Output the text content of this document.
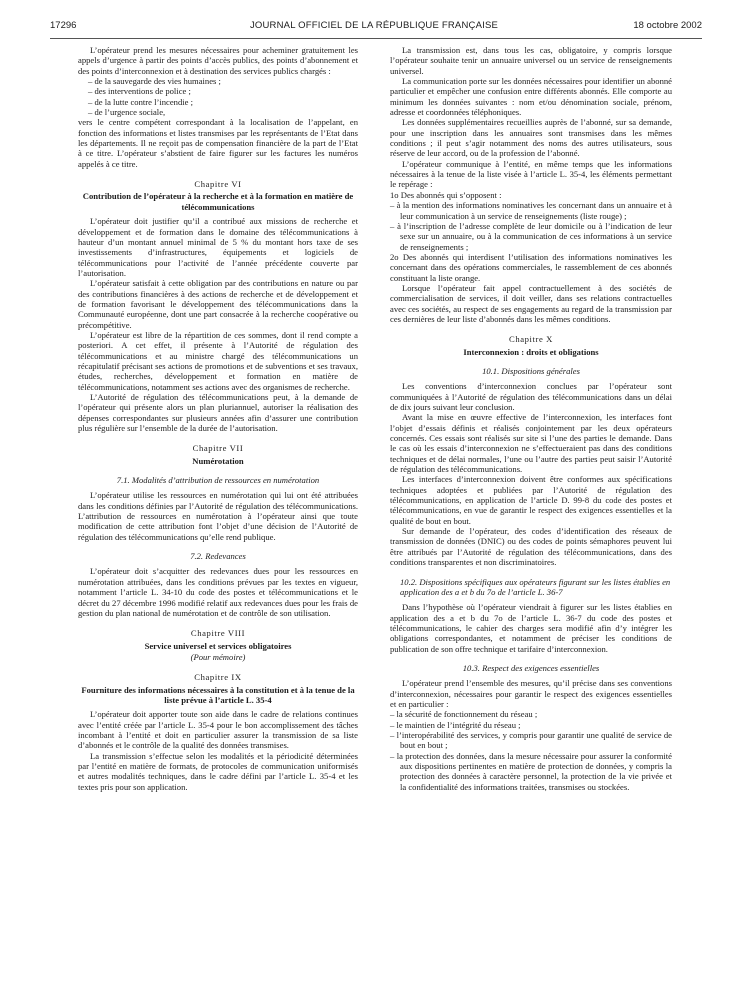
17296	JOURNAL OFFICIEL DE LA RÉPUBLIQUE FRANÇAISE	18 octobre 2002

L’opérateur prend les mesures nécessaires pour acheminer gratuitement les appels d’urgence à partir des points d’accès publics, des points d’abonnement et des points d’interconnexion et à destination des services publics chargés :

– de la sauvegarde des vies humaines ;
– des interventions de police ;
– de la lutte contre l’incendie ;
– de l’urgence sociale,

vers le centre compétent correspondant à la localisation de l’appelant, en fonction des informations et listes transmises par les représentants de l’Etat dans les départements. Il ne reçoit pas de compensation financière de la part de l’Etat à ce titre. L’opérateur s’abstient de faire figurer sur les factures les numéros appelés à ce titre.

Chapitre VI
Contribution de l’opérateur à la recherche et à la formation en matière de télécommunications

L’opérateur doit justifier qu’il a contribué aux missions de recherche et développement et de formation dans le domaine des télécommunications à hauteur d’un montant annuel minimal de 5 % du montant hors taxe de ses investissements d’infrastructures, équipements et logiciels de télécommunications pour l’activité de l’année précédente couverte par l’autorisation.

L’opérateur satisfait à cette obligation par des contributions en nature ou par des contributions financières à des actions de recherche et de développement et de formation favorisant le développement des télécommunications dans la Communauté européenne, dont une part consacrée à la recherche coopérative ou précompétitive.

L’opérateur est libre de la répartition de ces sommes, dont il rend compte a posteriori. A cet effet, il présente à l’Autorité de régulation des télécommunications et au ministre chargé des télécommunications un récapitulatif précisant ses actions de promotions et de subventions et ses travaux, études, recherches, développement et formation en matière de télécommunications, notamment ses actions avec des organismes de recherche.

L’Autorité de régulation des télécommunications peut, à la demande de l’opérateur qui présente alors un plan pluriannuel, autoriser la réalisation des dépenses correspondantes sur plusieurs années afin d’assurer une contribution plus régulière sur l’ensemble de la durée de l’autorisation.

Chapitre VII
Numérotation
7.1. Modalités d’attribution de ressources en numérotation

L’opérateur utilise les ressources en numérotation qui lui ont été attribuées dans les conditions définies par l’Autorité de régulation des télécommunications. L’attribution de ressources en numérotation à l’opérateur ainsi que toute modification de cette attribution font l’objet d’une décision de l’Autorité de régulation des télécommunications qu’elle rend publique.

7.2. Redevances

L’opérateur doit s’acquitter des redevances dues pour les ressources en numérotation attribuées, dans les conditions prévues par les textes en vigueur, notamment l’article L. 34-10 du code des postes et télécommunications et le décret du 27 décembre 1996 modifié relatif aux redevances dues pour les frais de gestion du plan national de numérotation et de contrôle de son utilisation.

Chapitre VIII
Service universel et services obligatoires
(Pour mémoire)
Chapitre IX
Fourniture des informations nécessaires à la constitution et à la tenue de la liste prévue à l’article L. 35-4

L’opérateur doit apporter toute son aide dans le cadre de relations continues avec l’entité créée par l’article L. 35-4 pour le bon accomplissement des tâches incombant à l’entité et doit en particulier assurer la transmission de sa liste d’abonnés et le contrôle de la qualité des données transmises.

La transmission s’effectue selon les modalités et la périodicité déterminées par l’entité en matière de formats, de protocoles de communication uniformisés et autres modalités techniques, dans le cadre défini par l’article L. 35-4 et les textes pris pour son application.

La transmission est, dans tous les cas, obligatoire, y compris lorsque l’opérateur souhaite tenir un annuaire universel ou un service de renseignements universel.

La communication porte sur les données nécessaires pour identifier un abonné particulier et empêcher une confusion entre différents abonnés. Elle comporte au minimum les données suivantes : nom et/ou dénomination sociale, prénom, adresse et coordonnées téléphoniques.

Les données supplémentaires recueillies auprès de l’abonné, sur sa demande, pour une inscription dans les annuaires sont transmises dans les mêmes conditions ; il peut s’agir notamment des noms des autres utilisateurs, sous réserve de leur accord, ou de la profession de l’abonné.

L’opérateur communique à l’entité, en même temps que les informations nécessaires à la tenue de la liste visée à l’article L. 35-4, les éléments permettant le repérage :

1o Des abonnés qui s’opposent :

– à la mention des informations nominatives les concernant dans un annuaire et à leur communication à un service de renseignements (liste rouge) ;
– à l’inscription de l’adresse complète de leur domicile ou à l’indication de leur sexe sur un annuaire, ou à la communication de ces informations à un service de renseignements ;

2o Des abonnés qui interdisent l’utilisation des informations nominatives les concernant dans des opérations commerciales, le rassemblement de ces abonnés constituant la liste orange.

Lorsque l’opérateur fait appel contractuellement à des sociétés de commercialisation de services, il doit veiller, dans ses relations contractuelles avec ces sociétés, au respect de ses engagements au regard de la transmission par ces dernières de leur liste d’abonnés dans les mêmes conditions.

Chapitre X
Interconnexion : droits et obligations
10.1. Dispositions générales

Les conventions d’interconnexion conclues par l’opérateur sont communiquées à l’Autorité de régulation des télécommunications dans un délai de dix jours suivant leur conclusion.

Avant la mise en œuvre effective de l’interconnexion, les interfaces font l’objet d’essais définis et réalisés conjointement par les deux opérateurs concernés. Ces essais sont réalisés sur site si l’une des parties le demande. Dans le cas où les essais d’interconnexion ne s’effectueraient pas dans des conditions techniques et de délai normales, l’une ou l’autre des parties peut saisir l’Autorité de régulation des télécommunications.

Les interfaces d’interconnexion doivent être conformes aux spécifications techniques adoptées et publiées par l’Autorité de régulation des télécommunications, en application de l’article D. 99-8 du code des postes et télécommunications, en vue de garantir le respect des exigences essentielles et la qualité de bout en bout.

Sur demande de l’opérateur, des codes d’identification des réseaux de transmission de données (DNIC) ou des codes de points sémaphores peuvent lui être attribués par l’Autorité de régulation des télécommunications, dans des conditions transparentes et non discriminatoires.

10.2. Dispositions spécifiques aux opérateurs figurant sur les listes établies en application des a et b du 7o de l’article L. 36-7

Dans l’hypothèse où l’opérateur viendrait à figurer sur les listes établies en application des a et b du 7o de l’article L. 36-7 du code des postes et télécommunications, le cahier des charges sera modifié afin d’y intégrer les obligations correspondantes, et notamment de préciser les conditions de publication de son offre technique et tarifaire d’interconnexion.

10.3. Respect des exigences essentielles

L’opérateur prend l’ensemble des mesures, qu’il précise dans ses conventions d’interconnexion, nécessaires pour garantir le respect des exigences essentielles et en particulier :

– la sécurité de fonctionnement du réseau ;
– le maintien de l’intégrité du réseau ;
– l’interopérabilité des services, y compris pour garantir une qualité de service de bout en bout ;
– la protection des données, dans la mesure nécessaire pour assurer la conformité aux dispositions pertinentes en matière de protection de données, y compris la protection des données à caractère personnel, la protection de la vie privée et la confidentialité des informations traitées, transmises ou stockées.
